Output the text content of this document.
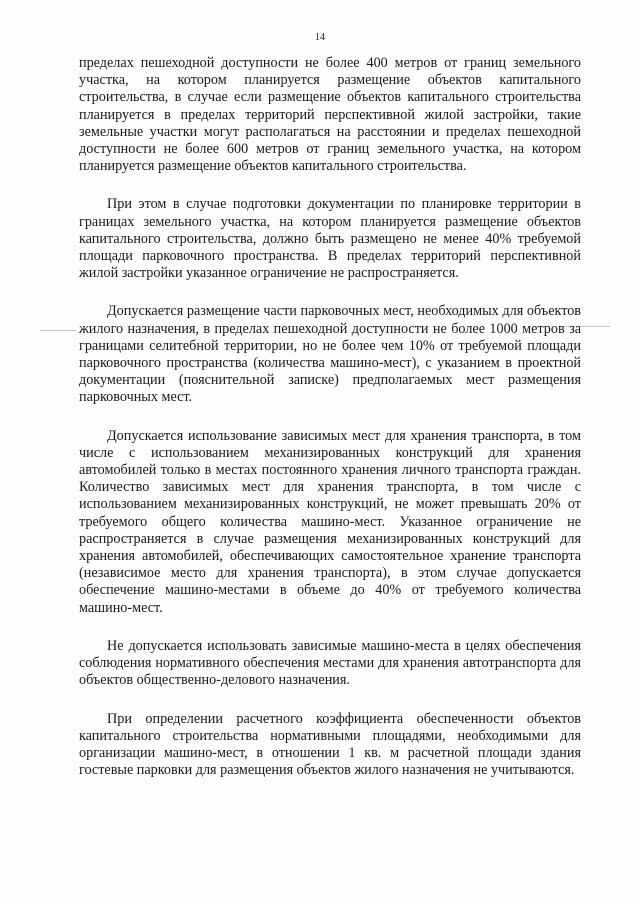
14

пределах пешеходной доступности не более 400 метров от границ земельного участка, на котором планируется размещение объектов капитального строительства, в случае если размещение объектов капитального строительства планируется в пределах территорий перспективной жилой застройки, такие земельные участки могут располагаться на расстоянии и пределах пешеходной доступности не более 600 метров от границ земельного участка, на котором планируется размещение объектов капитального строительства.

При этом в случае подготовки документации по планировке территории в границах земельного участка, на котором планируется размещение объектов капитального строительства, должно быть размещено не менее 40% требуемой площади парковочного пространства. В пределах территорий перспективной жилой застройки указанное ограничение не распространяется.

Допускается размещение части парковочных мест, необходимых для объектов жилого назначения, в пределах пешеходной доступности не более 1000 метров за границами селитебной территории, но не более чем 10% от требуемой площади парковочного пространства (количества машино-мест), с указанием в проектной документации (пояснительной записке) предполагаемых мест размещения парковочных мест.

Допускается использование зависимых мест для хранения транспорта, в том числе с использованием механизированных конструкций для хранения автомобилей только в местах постоянного хранения личного транспорта граждан. Количество зависимых мест для хранения транспорта, в том числе с использованием механизированных конструкций, не может превышать 20% от требуемого общего количества машино-мест. Указанное ограничение не распространяется в случае размещения механизированных конструкций для хранения автомобилей, обеспечивающих самостоятельное хранение транспорта (независимое место для хранения транспорта), в этом случае допускается обеспечение машино-местами в объеме до 40% от требуемого количества машино-мест.

Не допускается использовать зависимые машино-места в целях обеспечения соблюдения нормативного обеспечения местами для хранения автотранспорта для объектов общественно-делового назначения.

При определении расчетного коэффициента обеспеченности объектов капитального строительства нормативными площадями, необходимыми для организации машино-мест, в отношении 1 кв. м расчетной площади здания гостевые парковки для размещения объектов жилого назначения не учитываются.
